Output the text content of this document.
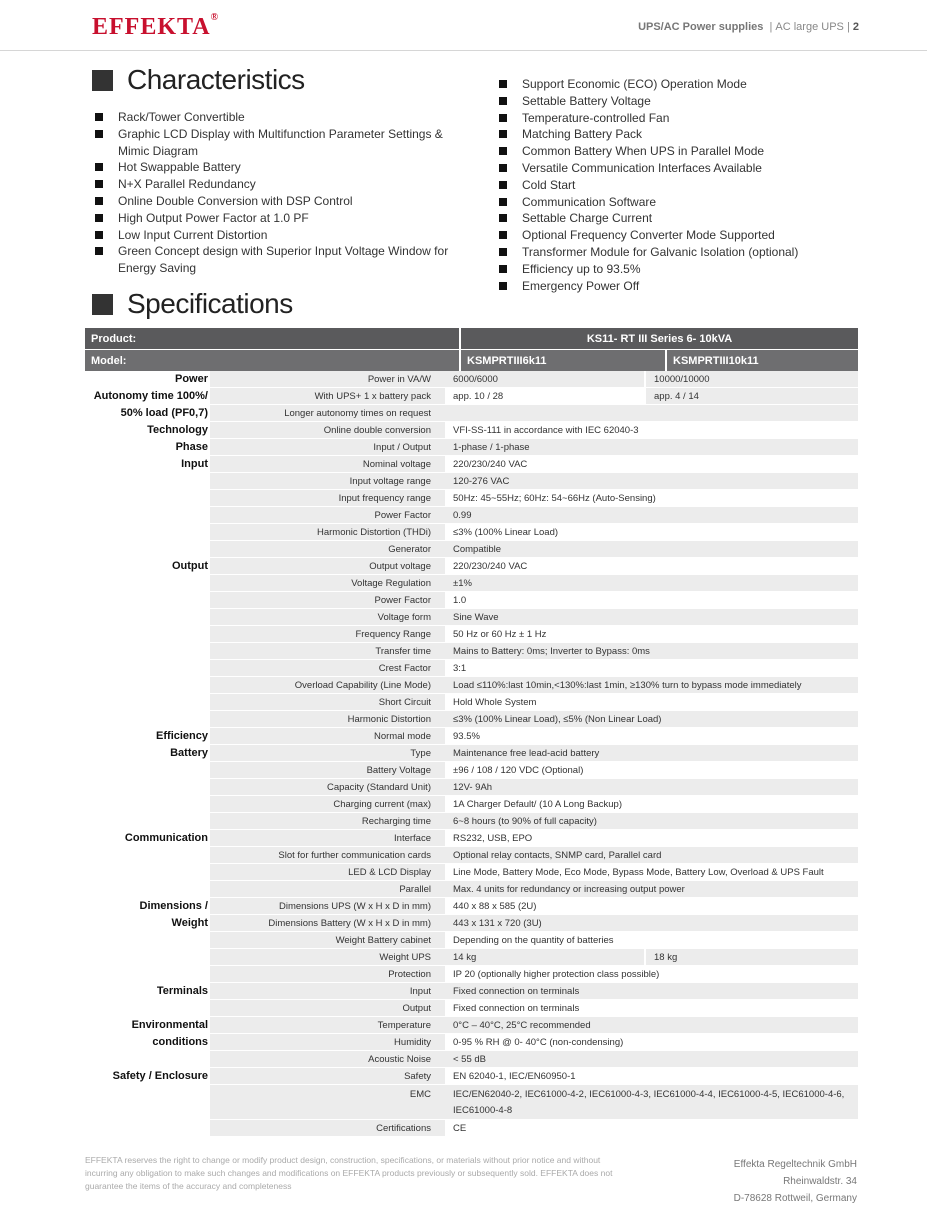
EFFEKTA®
UPS/AC Power supplies  | AC large UPS | 2
Characteristics
Rack/Tower Convertible
Graphic LCD Display with Multifunction Parameter Settings & Mimic Diagram
Hot Swappable Battery
N+X Parallel Redundancy
Online Double Conversion with DSP Control
High Output Power Factor at 1.0 PF
Low Input Current Distortion
Green Concept design with Superior Input Voltage Window for Energy Saving
Support Economic (ECO) Operation Mode
Settable Battery Voltage
Temperature-controlled Fan
Matching Battery Pack
Common Battery When UPS in Parallel Mode
Versatile Communication Interfaces Available
Cold Start
Communication Software
Settable Charge Current
Optional Frequency Converter Mode Supported
Transformer Module for Galvanic Isolation (optional)
Efficiency up to 93.5%
Emergency Power Off
Specifications
Product:	KS11- RT III Series 6- 10kVA
Model:	KSMPRTIII6k11	KSMPRTIII10k11
Power	Power in VA/W	6000/6000	10000/10000
Autonomy time 100%/	With UPS+ 1 x battery pack	app. 10 / 28	app. 4 / 14
50% load (PF0,7)	Longer autonomy times on request
Technology	Online double conversion	VFI-SS-111 in accordance with IEC 62040-3
Phase	Input / Output	1-phase / 1-phase
Input	Nominal voltage	220/230/240 VAC
Input voltage range	120-276 VAC
Input frequency range	50Hz: 45~55Hz; 60Hz: 54~66Hz (Auto-Sensing)
Power Factor	0.99
Harmonic Distortion (THDi)	≤3% (100% Linear Load)
Generator	Compatible
Output	Output voltage	220/230/240 VAC
Voltage Regulation	±1%
Power Factor	1.0
Voltage form	Sine Wave
Frequency Range	50 Hz or 60 Hz ± 1 Hz
Transfer time	Mains to Battery: 0ms; Inverter to Bypass: 0ms
Crest Factor	3:1
Overload Capability (Line Mode)	Load ≤110%:last 10min,<130%:last 1min, ≥130% turn to bypass mode immediately
Short Circuit	Hold Whole System
Harmonic Distortion	≤3% (100% Linear Load), ≤5% (Non Linear Load)
Efficiency	Normal mode	93.5%
Battery	Type	Maintenance free lead-acid battery
Battery Voltage	±96 / 108 / 120 VDC (Optional)
Capacity (Standard Unit)	12V- 9Ah
Charging current (max)	1A Charger Default/ (10 A Long Backup)
Recharging time	6~8 hours (to 90% of full capacity)
Communication	Interface	RS232, USB, EPO
Slot for further communication cards	Optional relay contacts, SNMP card, Parallel card
LED & LCD Display	Line Mode, Battery Mode, Eco Mode, Bypass Mode, Battery Low, Overload & UPS Fault
Parallel	Max. 4 units for redundancy or increasing output power
Dimensions /	Dimensions UPS (W x H x D in mm)	440 x 88 x 585 (2U)
Weight	Dimensions Battery (W x H x D in mm)	443 x 131 x 720 (3U)
Weight Battery cabinet	Depending on the quantity of batteries
Weight UPS	14 kg	18 kg
Protection	IP 20 (optionally higher protection class possible)
Terminals	Input	Fixed connection on terminals
Output	Fixed connection on terminals
Environmental	Temperature	0°C – 40°C, 25°C recommended
conditions	Humidity	0-95 % RH @ 0- 40°C (non-condensing)
Acoustic Noise	< 55 dB
Safety / Enclosure	Safety	EN 62040-1, IEC/EN60950-1
EMC	IEC/EN62040-2, IEC61000-4-2, IEC61000-4-3, IEC61000-4-4, IEC61000-4-5, IEC61000-4-6, IEC61000-4-8
Certifications	CE
EFFEKTA reserves the right to change or modify product design, construction, specifications, or materials without prior notice and without incurring any obligation to make such changes and modifications on EFFEKTA products previously or subsequently sold. EFFEKTA does not guarantee the items of the accuracy and completeness
Effekta Regeltechnik GmbH
Rheinwaldstr. 34
D-78628 Rottweil, Germany
